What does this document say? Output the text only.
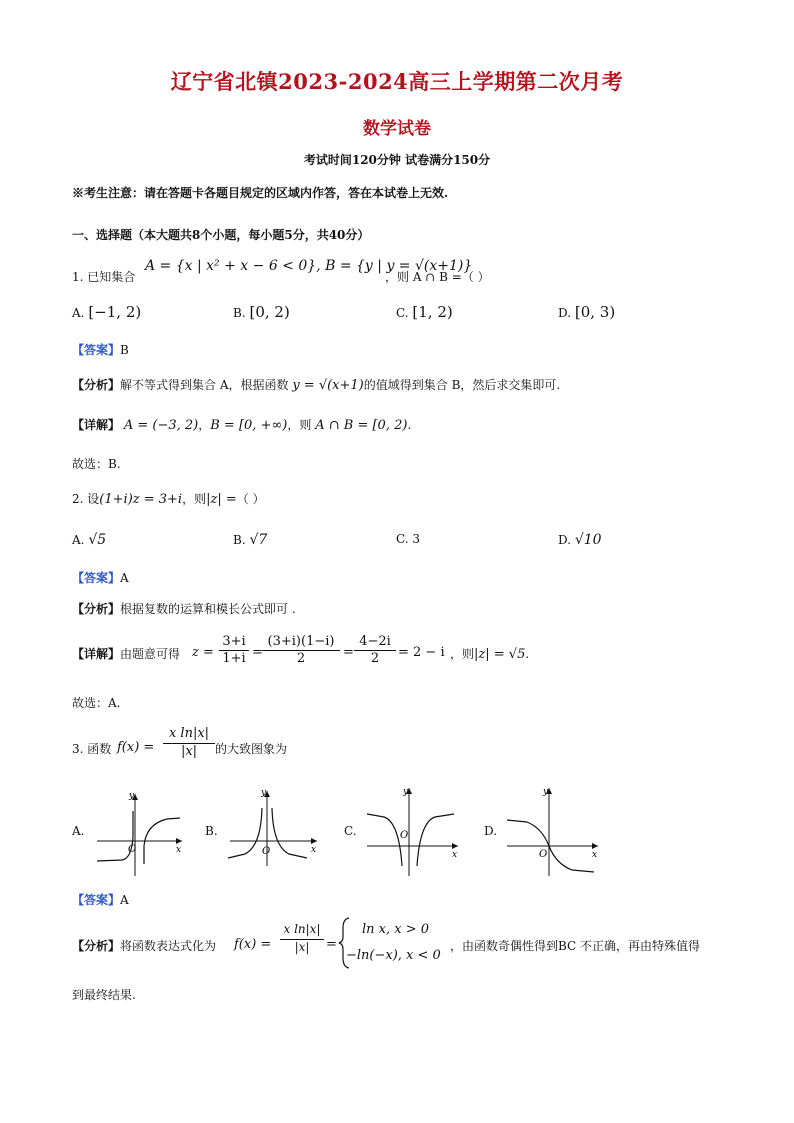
辽宁省北镇2023-2024高三上学期第二次月考
数学试卷
考试时间120分钟 试卷满分150分
※考生注意：请在答题卡各题目规定的区域内作答，答在本试卷上无效.
一、选择题（本大题共8个小题，每小题5分，共40分）
1. 已知集合
A = {x | x² + x − 6 < 0}, B = {y | y = √(x+1)}
，则 A ∩ B =（ ）
A. [−1, 2)	B. [0, 2)	C. [1, 2)	D. [0, 3)
【答案】B
【分析】解不等式得到集合 A，根据函数 y = √(x+1)的值域得到集合 B，然后求交集即可.
【详解】 A = (−3, 2)，B = [0, +∞)，则 A ∩ B = [0, 2).
故选：B.
2. 设(1+i)z = 3+i，则|z| =（ ）
A. √5	B. √7	C. 3	D. √10
【答案】A
【分析】根据复数的运算和模长公式即可 .
【详解】由题意可得 $z = \frac{3+i}{1+i} = \frac{(3+i)(1-i)}{2} = \frac{4-2i}{2} = 2 - i$ ，则|z| = √5.
故选：A.
3. 函数 $f(x) = \frac{\text{x ln|x|}}{|x|}$ 的大致图象为
A.
y
x
O
B.
y
x
O
C.
y
x
O	D.
y
x
O
【答案】A
【分析】将函数表达式化为 $f(x) = \frac{\text{x ln|x|}}{|x|}$ =
ln x, x > 0
−ln(−x), x < 0
，由函数奇偶性得到BC 不正确，再由特殊值得
到最终结果.
